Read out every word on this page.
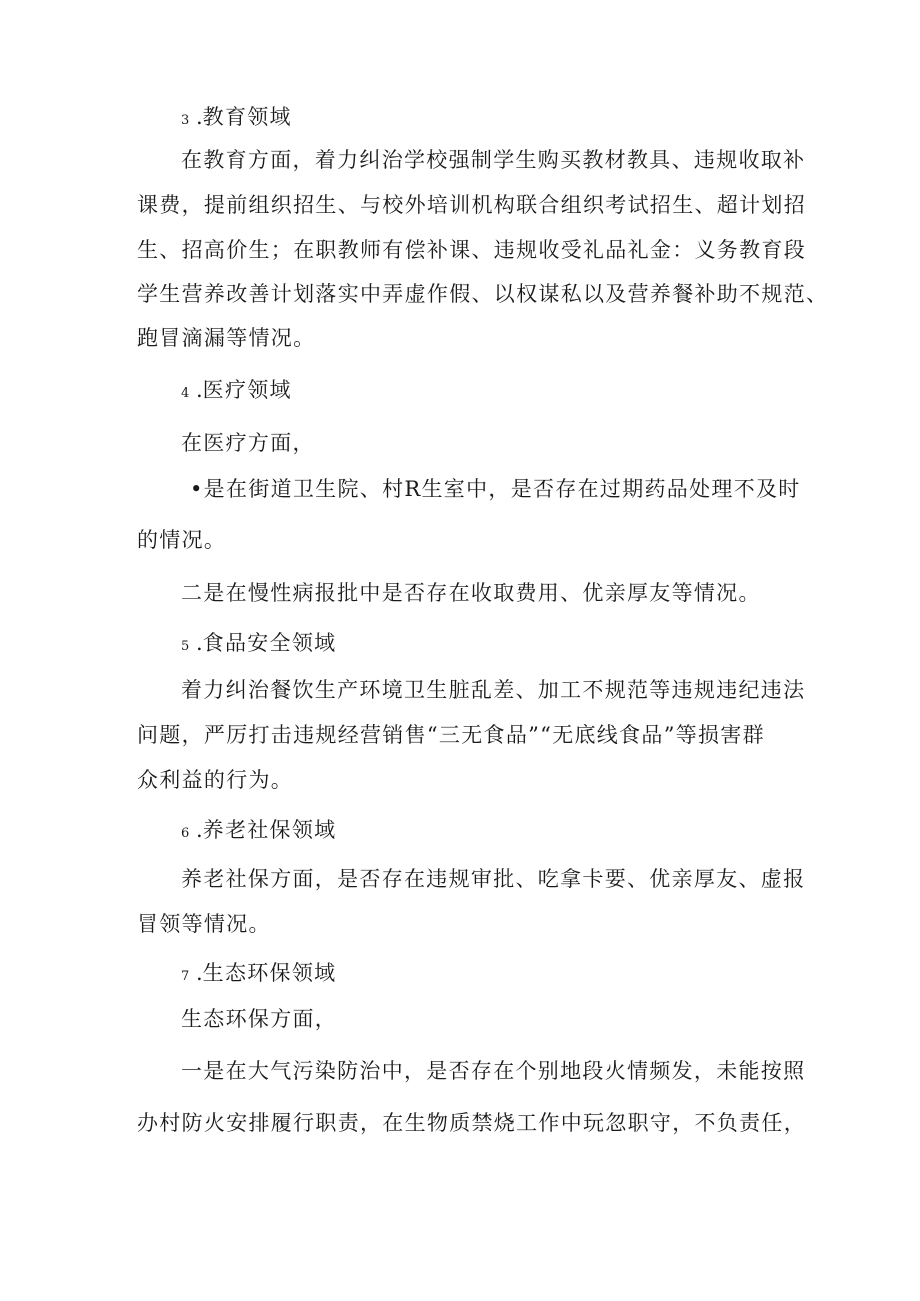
3 .教育领域
在教育方面，着力纠治学校强制学生购买教材教具、违规收取补
课费，提前组织招生、与校外培训机构联合组织考试招生、超计划招
生、招高价生；在职教师有偿补课、违规收受礼品礼金：义务教育段
学生营养改善计划落实中弄虚作假、以权谋私以及营养餐补助不规范、
跑冒滴漏等情况。
4 .医疗领域
在医疗方面，
•是在街道卫生院、村R生室中，是否存在过期药品处理不及时
的情况。
二是在慢性病报批中是否存在收取费用、优亲厚友等情况。
5 .食品安全领域
着力纠治餐饮生产环境卫生脏乱差、加工不规范等违规违纪违法
问题，严厉打击违规经营销售“三无食品”“无底线食品”等损害群
众利益的行为。
6 .养老社保领域
养老社保方面，是否存在违规审批、吃拿卡要、优亲厚友、虚报
冒领等情况。
7 .生态环保领域
生态环保方面，
一是在大气污染防治中，是否存在个别地段火情频发，未能按照
办村防火安排履行职责，在生物质禁烧工作中玩忽职守，不负责任，
